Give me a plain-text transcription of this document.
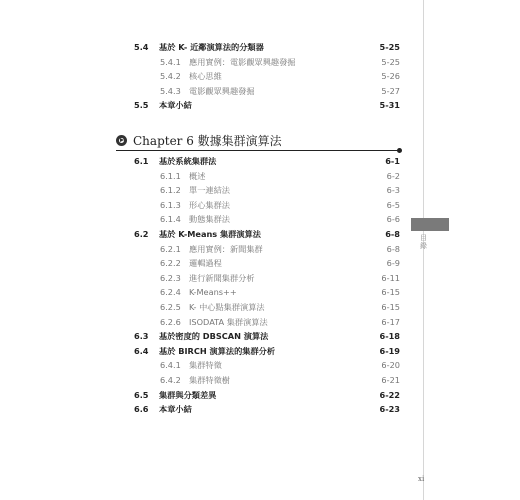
目錄
5.4 基於 K- 近鄰演算法的分類器	5-25
5.4.1 應用實例：電影觀眾興趣發掘	5-25
5.4.2 核心思維	5-26
5.4.3 電影觀眾興趣發掘	5-27
5.5 本章小結	5-31
Chapter 6 數據集群演算法
6.1 基於系統集群法	6-1
6.1.1 概述	6-2
6.1.2 單一連結法	6-3
6.1.3 形心集群法	6-5
6.1.4 動態集群法	6-6
6.2 基於 K-Means 集群演算法	6-8
6.2.1 應用實例：新聞集群	6-8
6.2.2 邏輯過程	6-9
6.2.3 進行新聞集群分析	6-11
6.2.4 K-Means++	6-15
6.2.5 K- 中心點集群演算法	6-15
6.2.6 ISODATA 集群演算法	6-17
6.3 基於密度的 DBSCAN 演算法	6-18
6.4 基於 BIRCH 演算法的集群分析	6-19
6.4.1 集群特徵	6-20
6.4.2 集群特徵樹	6-21
6.5 集群與分類差異	6-22
6.6 本章小結	6-23
xi
